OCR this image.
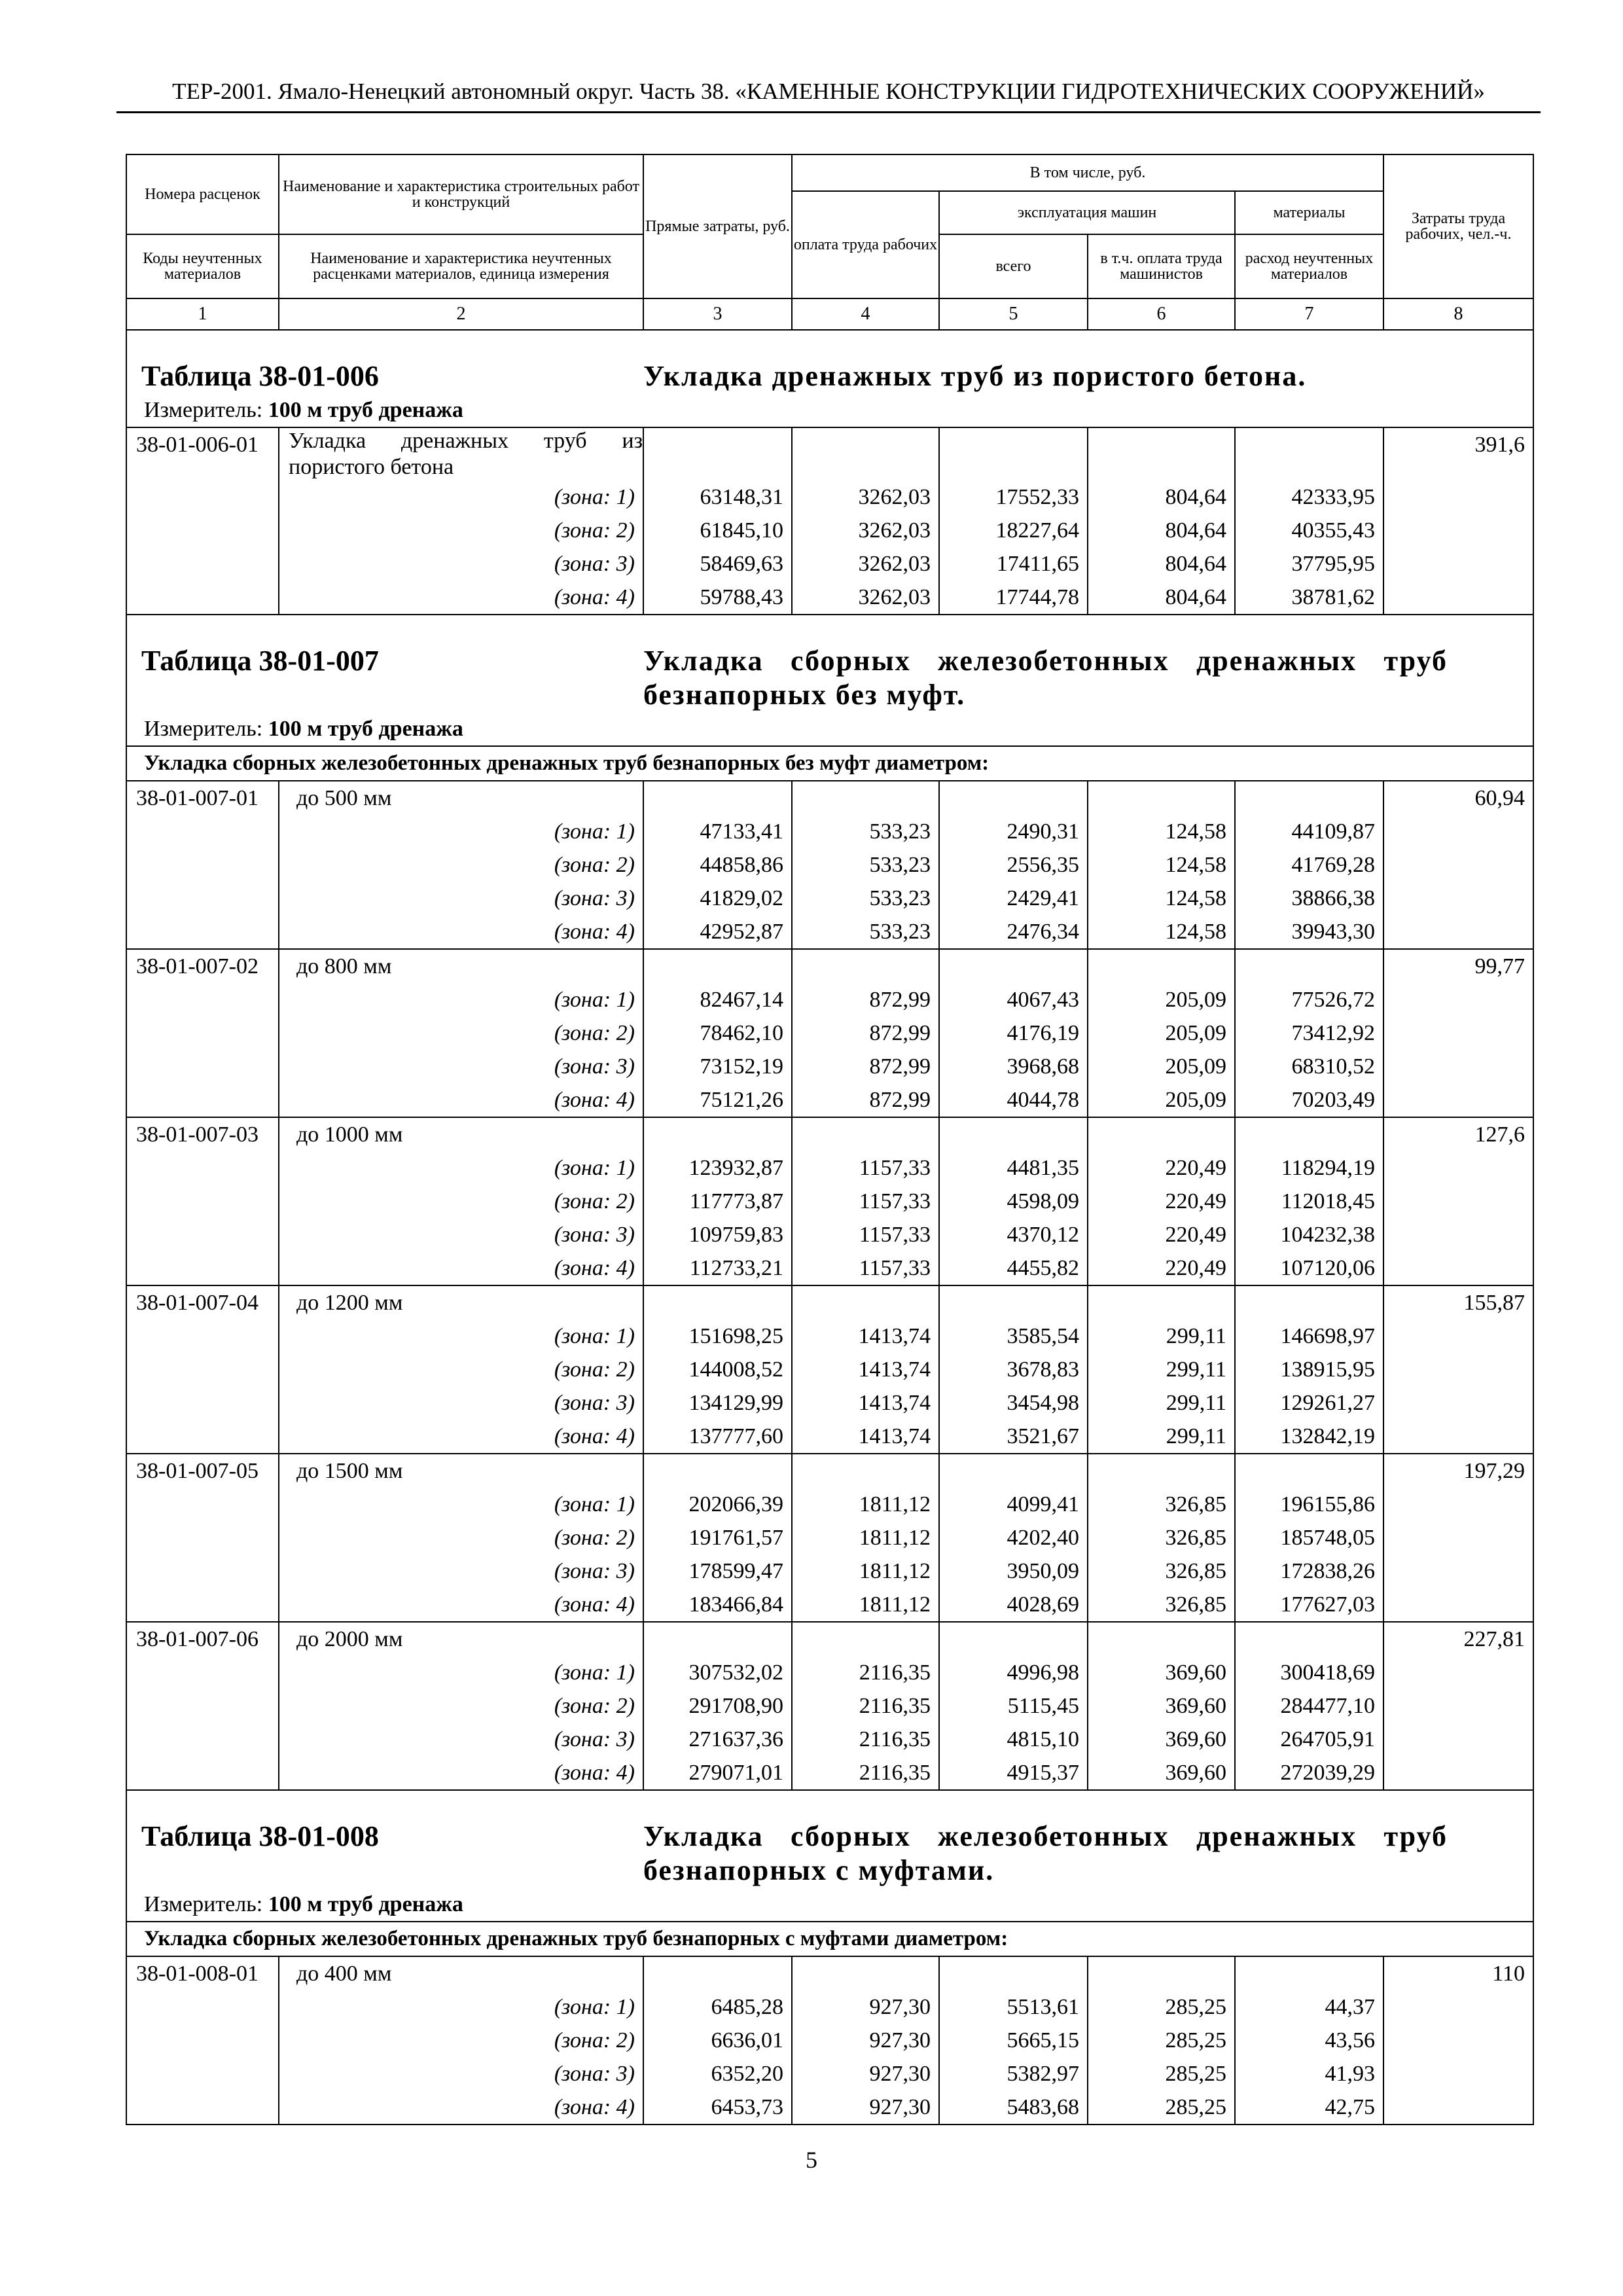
ТЕР-2001. Ямало-Ненецкий автономный округ. Часть 38. «КАМЕННЫЕ КОНСТРУКЦИИ ГИДРОТЕХНИЧЕСКИХ СООРУЖЕНИЙ»
Номера расценок	Наименование и характеристика строительных работ и конструкций	Прямые затраты, руб.	В том числе, руб.				Затраты труда рабочих, чел.-ч.
			оплата труда рабочих	эксплуатация машин		материалы	
Коды неучтенных материалов	Наименование и характеристика неучтенных расценками материалов, единица измерения			всего	в т.ч. оплата труда машинистов	расход неучтенных материалов	
1	2	3	4	5	6	7	8
Таблица 38-01-006		Укладка дренажных труб из пористого бетона.					
Измеритель: 100 м труб дренажа							
38-01-006-01	Укладка дренажных труб из пористого бетона						391,6
	(зона: 1)	63148,31	3262,03	17552,33	804,64	42333,95	
	(зона: 2)	61845,10	3262,03	18227,64	804,64	40355,43	
	(зона: 3)	58469,63	3262,03	17411,65	804,64	37795,95	
	(зона: 4)	59788,43	3262,03	17744,78	804,64	38781,62	
Таблица 38-01-007		Укладка сборных железобетонных дренажных труб безнапорных без муфт.					
Измеритель: 100 м труб дренажа							
Укладка сборных железобетонных дренажных труб безнапорных без муфт диаметром:							
38-01-007-01	до 500 мм						60,94
	(зона: 1)	47133,41	533,23	2490,31	124,58	44109,87	
	(зона: 2)	44858,86	533,23	2556,35	124,58	41769,28	
	(зона: 3)	41829,02	533,23	2429,41	124,58	38866,38	
	(зона: 4)	42952,87	533,23	2476,34	124,58	39943,30	
38-01-007-02	до 800 мм						99,77
	(зона: 1)	82467,14	872,99	4067,43	205,09	77526,72	
	(зона: 2)	78462,10	872,99	4176,19	205,09	73412,92	
	(зона: 3)	73152,19	872,99	3968,68	205,09	68310,52	
	(зона: 4)	75121,26	872,99	4044,78	205,09	70203,49	
38-01-007-03	до 1000 мм						127,6
	(зона: 1)	123932,87	1157,33	4481,35	220,49	118294,19	
	(зона: 2)	117773,87	1157,33	4598,09	220,49	112018,45	
	(зона: 3)	109759,83	1157,33	4370,12	220,49	104232,38	
	(зона: 4)	112733,21	1157,33	4455,82	220,49	107120,06	
38-01-007-04	до 1200 мм						155,87
	(зона: 1)	151698,25	1413,74	3585,54	299,11	146698,97	
	(зона: 2)	144008,52	1413,74	3678,83	299,11	138915,95	
	(зона: 3)	134129,99	1413,74	3454,98	299,11	129261,27	
	(зона: 4)	137777,60	1413,74	3521,67	299,11	132842,19	
38-01-007-05	до 1500 мм						197,29
	(зона: 1)	202066,39	1811,12	4099,41	326,85	196155,86	
	(зона: 2)	191761,57	1811,12	4202,40	326,85	185748,05	
	(зона: 3)	178599,47	1811,12	3950,09	326,85	172838,26	
	(зона: 4)	183466,84	1811,12	4028,69	326,85	177627,03	
38-01-007-06	до 2000 мм						227,81
	(зона: 1)	307532,02	2116,35	4996,98	369,60	300418,69	
	(зона: 2)	291708,90	2116,35	5115,45	369,60	284477,10	
	(зона: 3)	271637,36	2116,35	4815,10	369,60	264705,91	
	(зона: 4)	279071,01	2116,35	4915,37	369,60	272039,29	
Таблица 38-01-008		Укладка сборных железобетонных дренажных труб безнапорных с муфтами.					
Измеритель: 100 м труб дренажа							
Укладка сборных железобетонных дренажных труб безнапорных с муфтами диаметром:							
38-01-008-01	до 400 мм						110
	(зона: 1)	6485,28	927,30	5513,61	285,25	44,37	
	(зона: 2)	6636,01	927,30	5665,15	285,25	43,56	
	(зона: 3)	6352,20	927,30	5382,97	285,25	41,93	
	(зона: 4)	6453,73	927,30	5483,68	285,25	42,75	
5
